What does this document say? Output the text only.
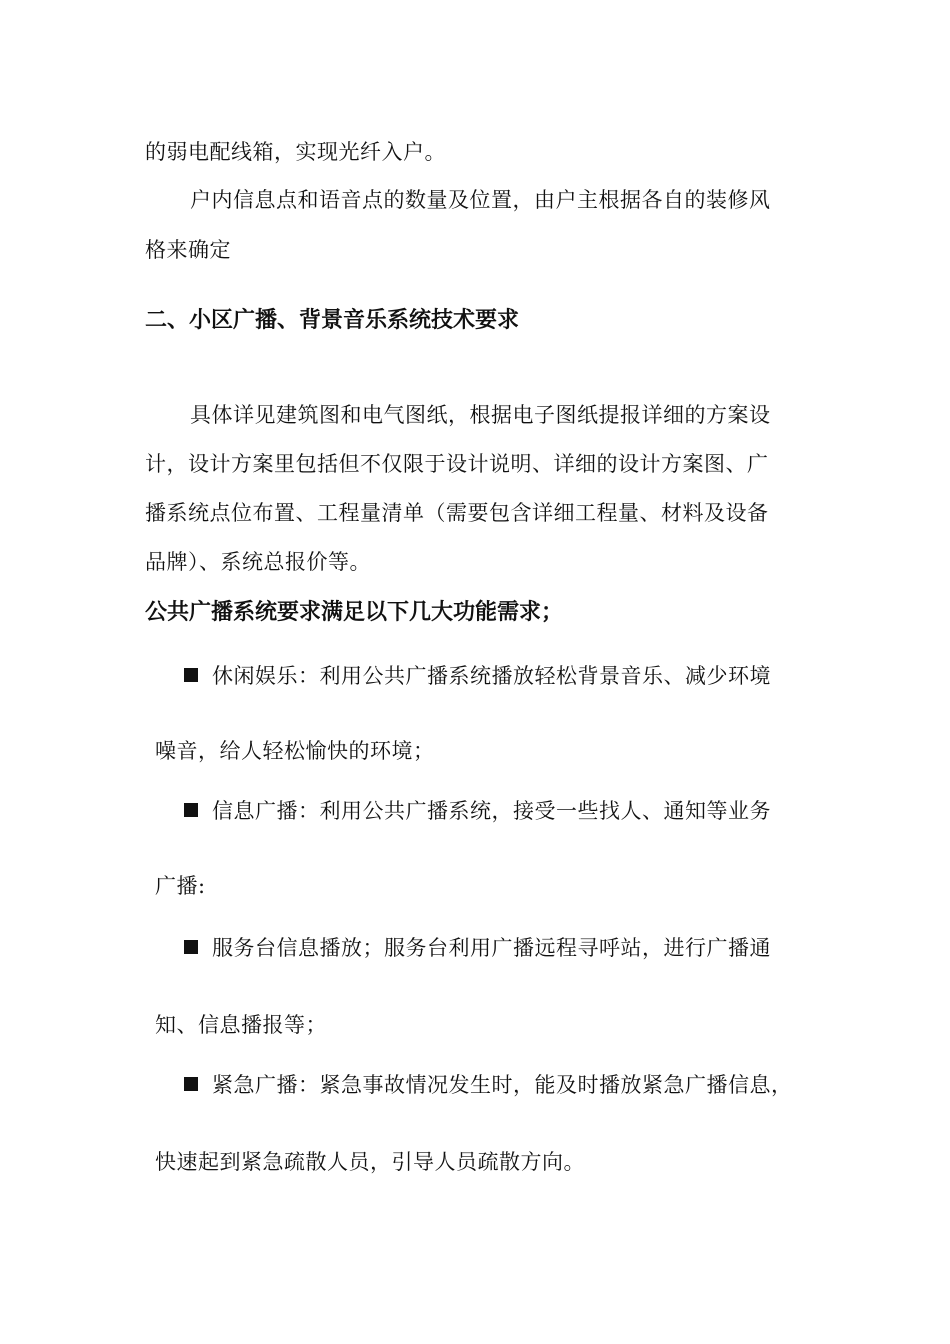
的弱电配线箱，实现光纤入户。
户内信息点和语音点的数量及位置，由户主根据各自的装修风
格来确定
二、小区广播、背景音乐系统技术要求
具体详见建筑图和电气图纸，根据电子图纸提报详细的方案设
计，设计方案里包括但不仅限于设计说明、详细的设计方案图、广
播系统点位布置、工程量清单（需要包含详细工程量、材料及设备
品牌）、系统总报价等。
公共广播系统要求满足以下几大功能需求；
休闲娱乐：利用公共广播系统播放轻松背景音乐、减少环境
噪音，给人轻松愉快的环境；
信息广播：利用公共广播系统，接受一些找人、通知等业务
广播:
服务台信息播放；服务台利用广播远程寻呼站，进行广播通
知、信息播报等；
紧急广播：紧急事故情况发生时，能及时播放紧急广播信息，
快速起到紧急疏散人员，引导人员疏散方向。
